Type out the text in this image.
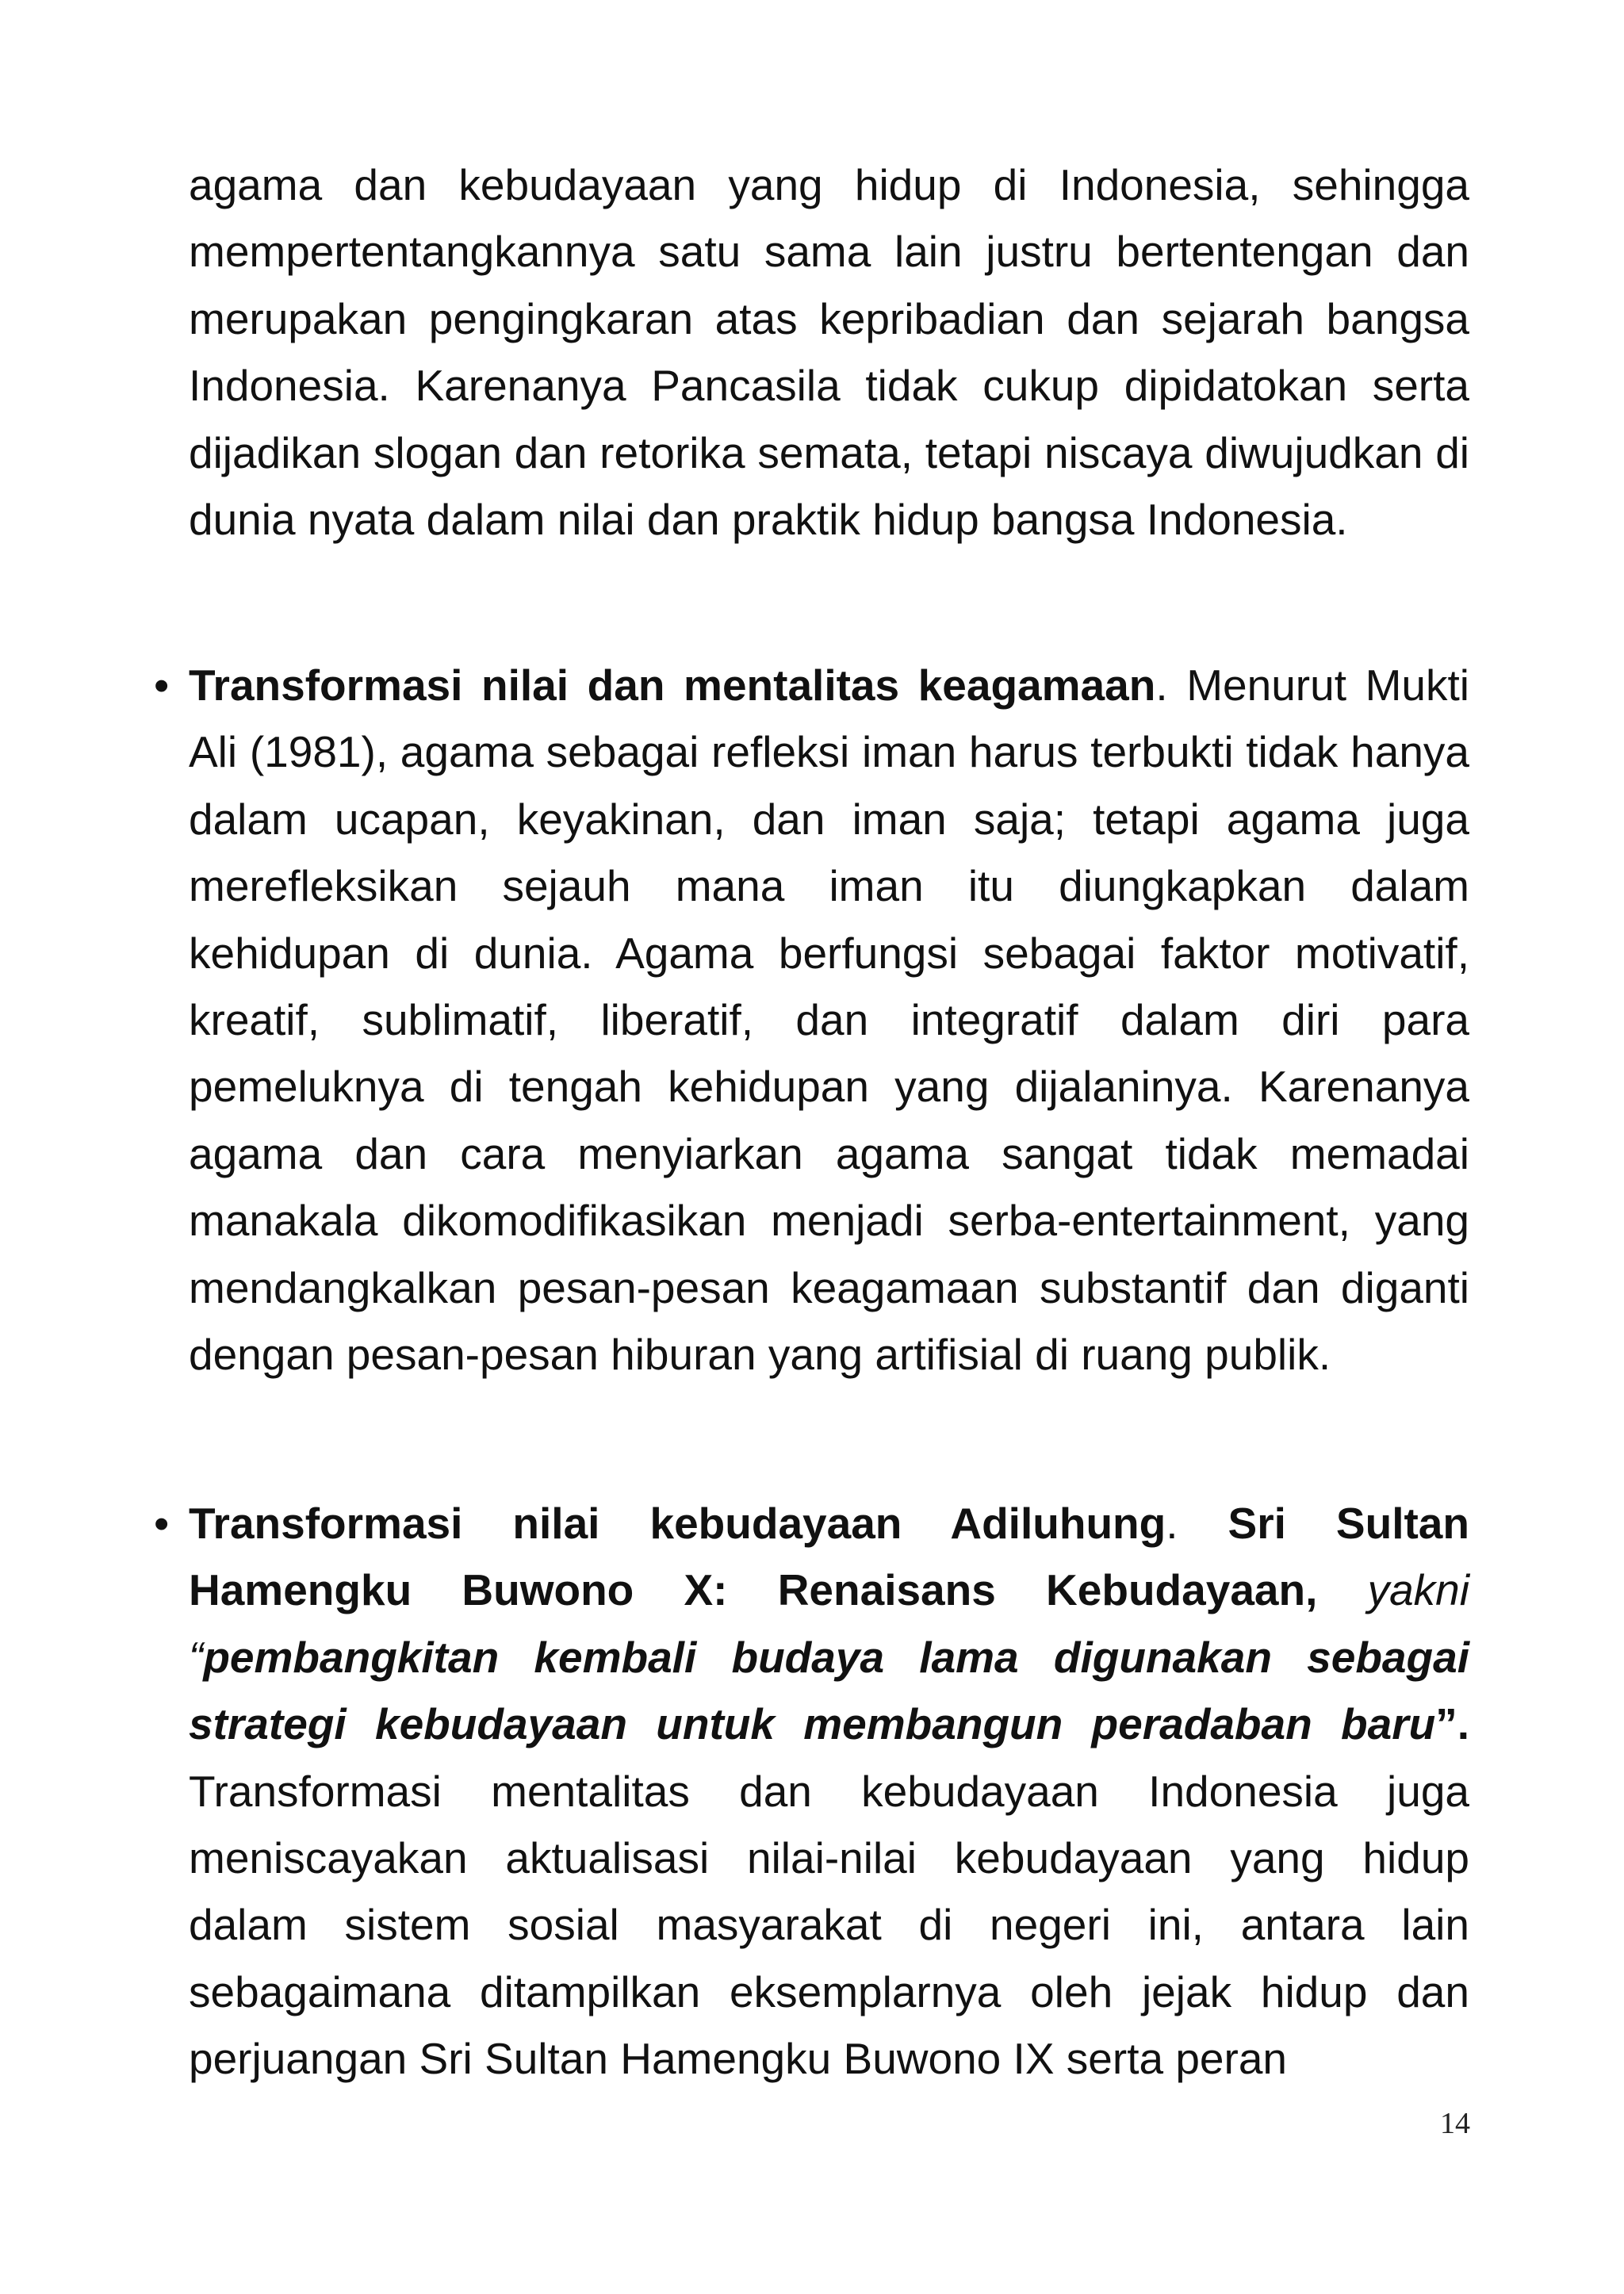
agama dan kebudayaan yang hidup di Indonesia, sehingga mempertentangkannya satu sama lain justru bertentengan dan merupakan pengingkaran atas kepribadian dan sejarah bangsa Indonesia. Karenanya Pancasila tidak cukup dipidatokan serta dijadikan slogan dan retorika semata, tetapi niscaya diwujudkan di dunia nyata dalam nilai dan praktik hidup bangsa Indonesia.

• Transformasi nilai dan mentalitas keagamaan. Menurut Mukti Ali (1981), agama sebagai refleksi iman harus terbukti tidak hanya dalam ucapan, keyakinan, dan iman saja; tetapi agama juga merefleksikan sejauh mana iman itu diungkapkan dalam kehidupan di dunia. Agama berfungsi sebagai faktor motivatif, kreatif, sublimatif, liberatif, dan integratif dalam diri para pemeluknya di tengah kehidupan yang dijalaninya. Karenanya agama dan cara menyiarkan agama sangat tidak memadai manakala dikomodifikasikan menjadi serba-entertainment, yang mendangkalkan pesan-pesan keagamaan substantif dan diganti dengan pesan-pesan hiburan yang artifisial di ruang publik.

• Transformasi nilai kebudayaan Adiluhung. Sri Sultan Hamengku Buwono X: Renaisans Kebudayaan, yakni “pembangkitan kembali budaya lama digunakan sebagai strategi kebudayaan untuk membangun peradaban baru”. Transformasi mentalitas dan kebudayaan Indonesia juga meniscayakan aktualisasi nilai-nilai kebudayaan yang hidup dalam sistem sosial masyarakat di negeri ini, antara lain sebagaimana ditampilkan eksemplarnya oleh jejak hidup dan perjuangan Sri Sultan Hamengku Buwono IX serta peran

14
